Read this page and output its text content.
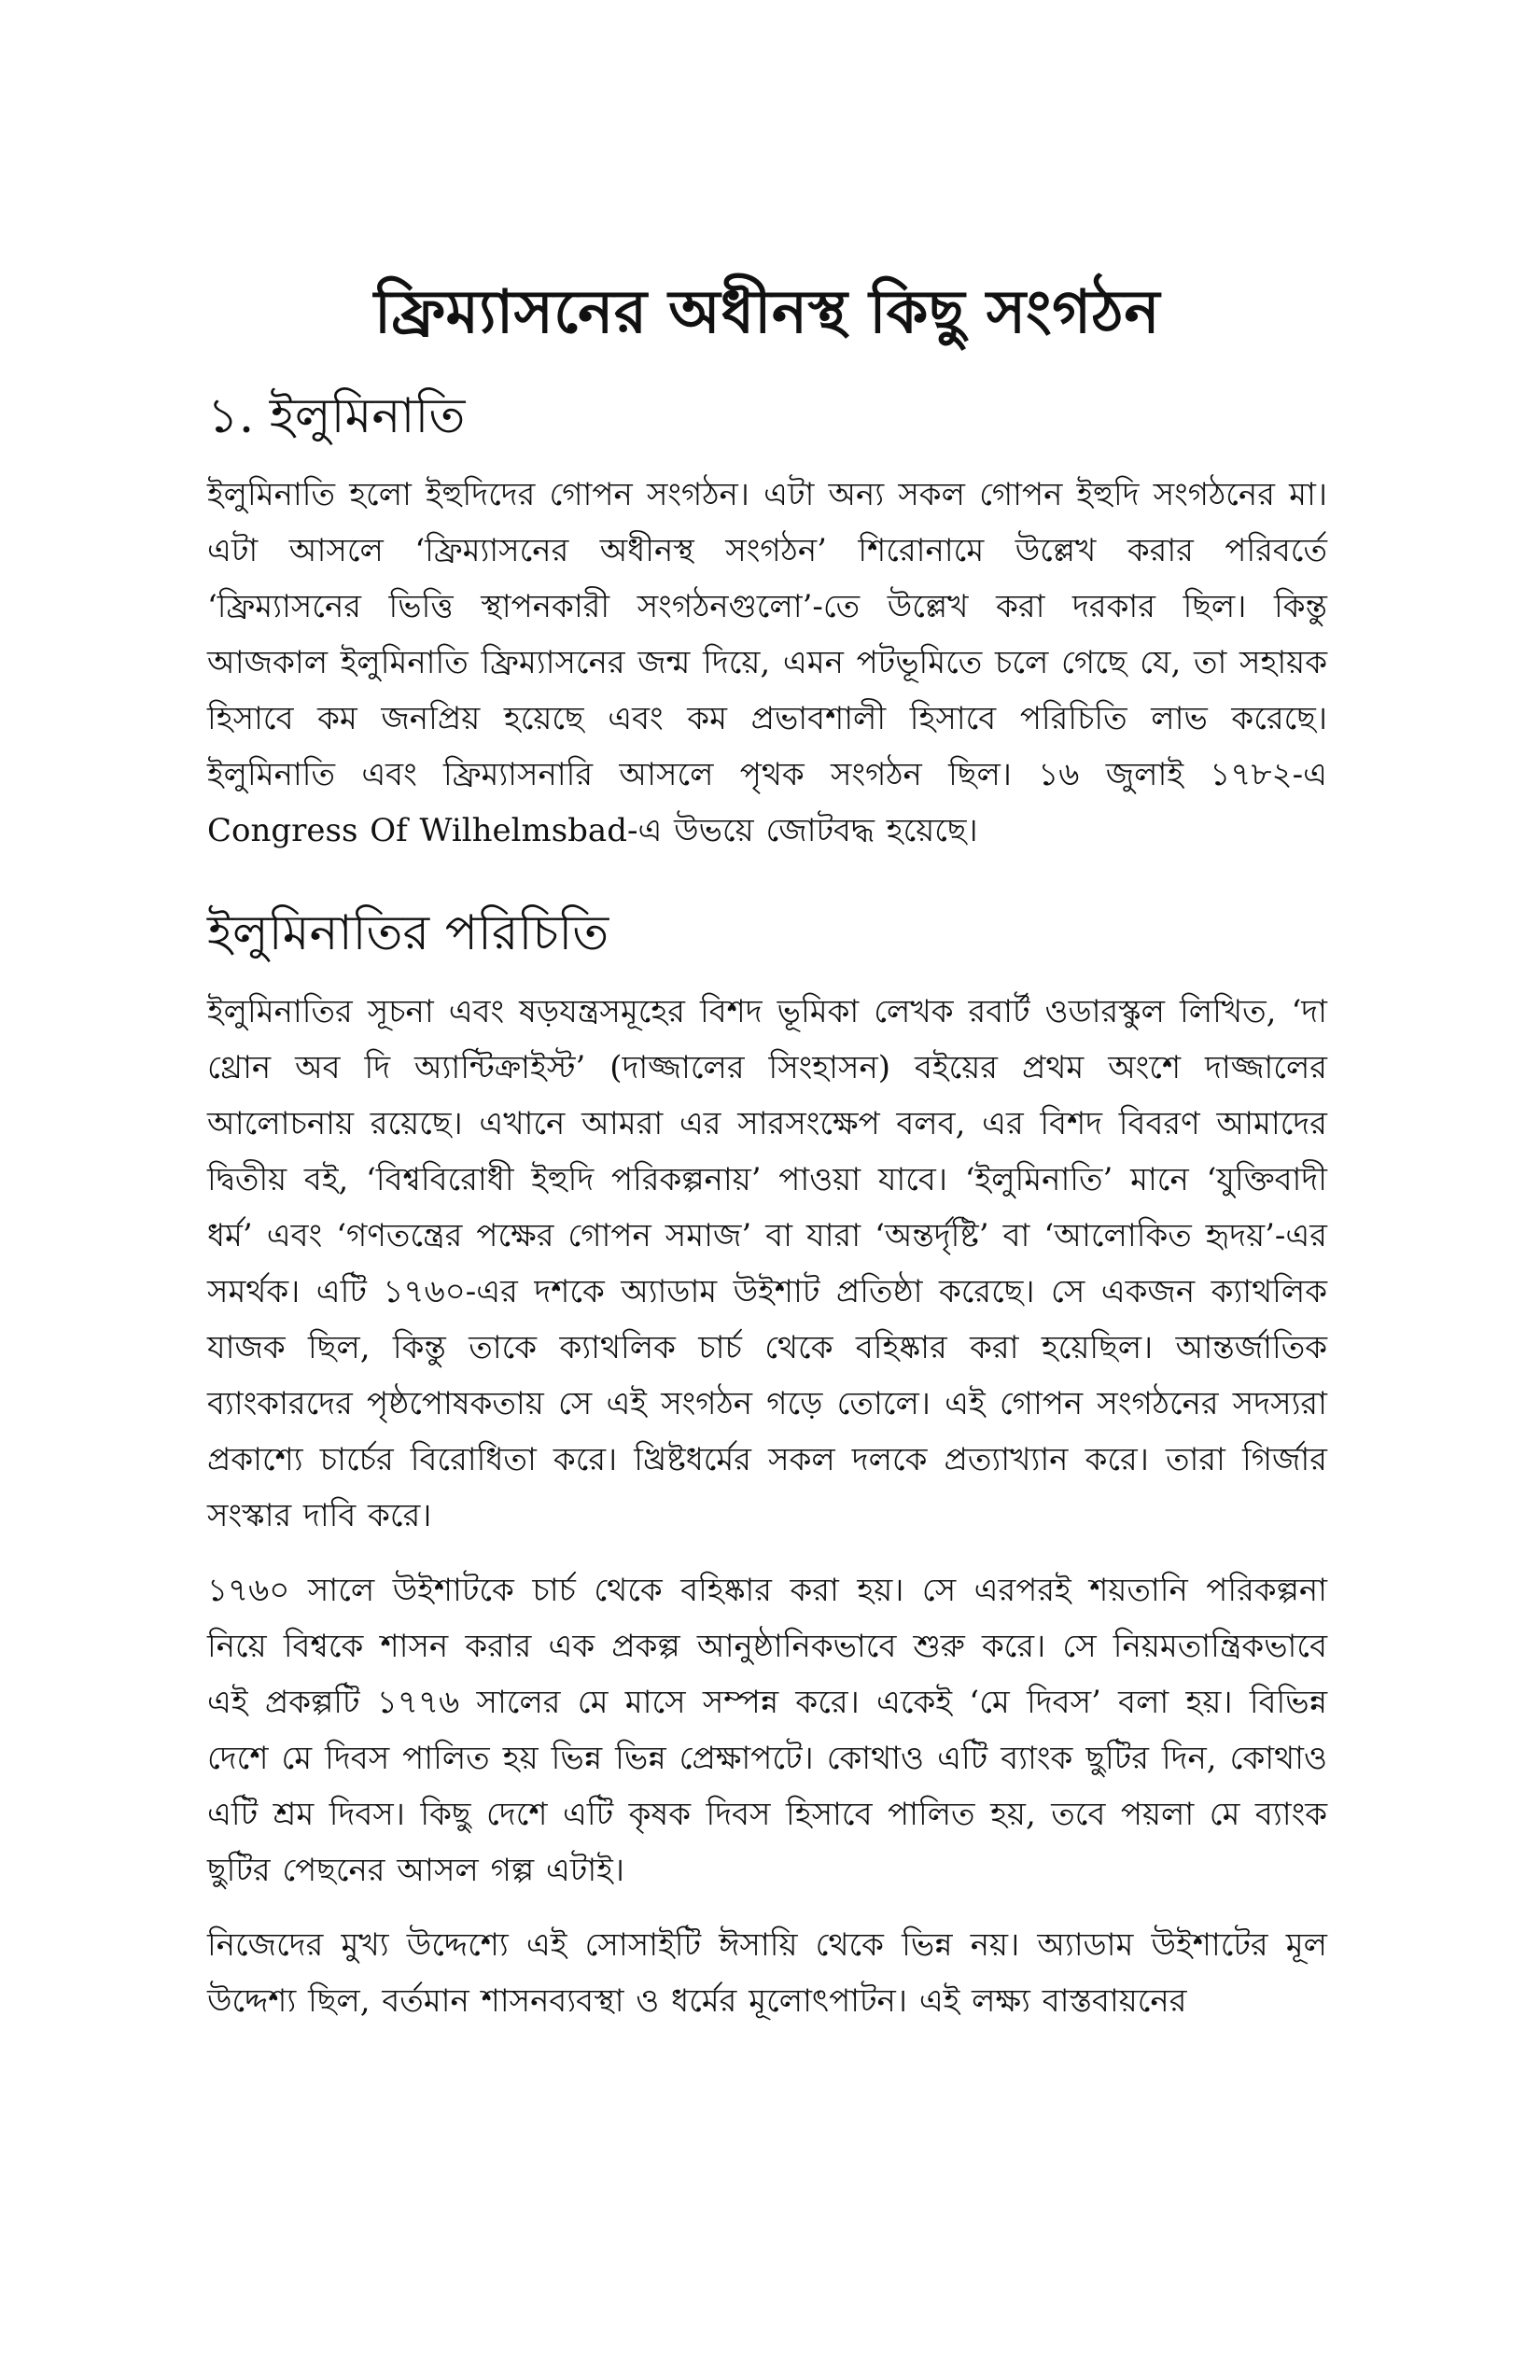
ফ্রিম্যাসনের অধীনস্থ কিছু সংগঠন
১. ইলুমিনাতি

ইলুমিনাতি হলো ইহুদিদের গোপন সংগঠন। এটা অন্য সকল গোপন ইহুদি সংগঠনের মা। এটা আসলে ‘ফ্রিম্যাসনের অধীনস্থ সংগঠন’ শিরোনামে উল্লেখ করার পরিবর্তে ‘ফ্রিম্যাসনের ভিত্তি স্থাপনকারী সংগঠনগুলো’-তে উল্লেখ করা দরকার ছিল। কিন্তু আজকাল ইলুমিনাতি ফ্রিম্যাসনের জন্ম দিয়ে, এমন পটভূমিতে চলে গেছে যে, তা সহায়ক হিসাবে কম জনপ্রিয় হয়েছে এবং কম প্রভাবশালী হিসাবে পরিচিতি লাভ করেছে। ইলুমিনাতি এবং ফ্রিম্যাসনারি আসলে পৃথক সংগঠন ছিল। ১৬ জুলাই ১৭৮২-এ Congress Of Wilhelmsbad-এ উভয়ে জোটবদ্ধ হয়েছে।

ইলুমিনাতির পরিচিতি

ইলুমিনাতির সূচনা এবং ষড়যন্ত্রসমূহের বিশদ ভূমিকা লেখক রবার্ট ওডারস্কুল লিখিত, ‘দা থ্রোন অব দি অ্যান্টিক্রাইস্ট’ (দাজ্জালের সিংহাসন) বইয়ের প্রথম অংশে দাজ্জালের আলোচনায় রয়েছে। এখানে আমরা এর সারসংক্ষেপ বলব, এর বিশদ বিবরণ আমাদের দ্বিতীয় বই, ‘বিশ্ববিরোধী ইহুদি পরিকল্পনায়’ পাওয়া যাবে। ‘ইলুমিনাতি’ মানে ‘যুক্তিবাদী ধর্ম’ এবং ‘গণতন্ত্রের পক্ষের গোপন সমাজ’ বা যারা ‘অন্তর্দৃষ্টি’ বা ‘আলোকিত হৃদয়’-এর সমর্থক। এটি ১৭৬০-এর দশকে অ্যাডাম উইশাট প্রতিষ্ঠা করেছে। সে একজন ক্যাথলিক যাজক ছিল, কিন্তু তাকে ক্যাথলিক চার্চ থেকে বহিষ্কার করা হয়েছিল। আন্তর্জাতিক ব্যাংকারদের পৃষ্ঠপোষকতায় সে এই সংগঠন গড়ে তোলে। এই গোপন সংগঠনের সদস্যরা প্রকাশ্যে চার্চের বিরোধিতা করে। খ্রিষ্টধর্মের সকল দলকে প্রত্যাখ্যান করে। তারা গির্জার সংস্কার দাবি করে।

১৭৬০ সালে উইশাটকে চার্চ থেকে বহিষ্কার করা হয়। সে এরপরই শয়তানি পরিকল্পনা নিয়ে বিশ্বকে শাসন করার এক প্রকল্প আনুষ্ঠানিকভাবে শুরু করে। সে নিয়মতান্ত্রিকভাবে এই প্রকল্পটি ১৭৭৬ সালের মে মাসে সম্পন্ন করে। একেই ‘মে দিবস’ বলা হয়। বিভিন্ন দেশে মে দিবস পালিত হয় ভিন্ন ভিন্ন প্রেক্ষাপটে। কোথাও এটি ব্যাংক ছুটির দিন, কোথাও এটি শ্রম দিবস। কিছু দেশে এটি কৃষক দিবস হিসাবে পালিত হয়, তবে পয়লা মে ব্যাংক ছুটির পেছনের আসল গল্প এটাই।

নিজেদের মুখ্য উদ্দেশ্যে এই সোসাইটি ঈসায়ি থেকে ভিন্ন নয়। অ্যাডাম উইশাটের মূল উদ্দেশ্য ছিল, বর্তমান শাসনব্যবস্থা ও ধর্মের মূলোৎপাটন। এই লক্ষ্য বাস্তবায়নের
